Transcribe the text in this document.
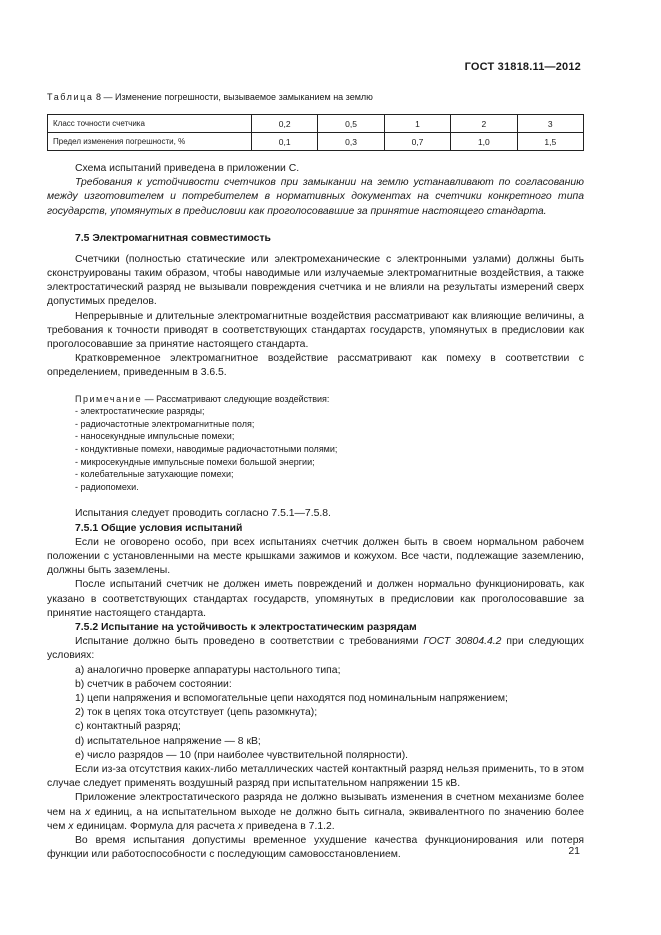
ГОСТ 31818.11—2012
Таблица 8 — Изменение погрешности, вызываемое замыканием на землю
Класс точности счетчика	0,2	0,5	1	2	3
Предел изменения погрешности, %	0,1	0,3	0,7	1,0	1,5

Схема испытаний приведена в приложении С.

Требования к устойчивости счетчиков при замыкании на землю устанавливают по согласованию между изготовителем и потребителем в нормативных документах на счетчики конкретного типа государств, упомянутых в предисловии как проголосовавшие за принятие настоящего стандарта.

7.5 Электромагнитная совместимость

Счетчики (полностью статические или электромеханические с электронными узлами) должны быть сконструированы таким образом, чтобы наводимые или излучаемые электромагнитные воздействия, а также электростатический разряд не вызывали повреждения счетчика и не влияли на результаты измерений сверх допустимых пределов.

Непрерывные и длительные электромагнитные воздействия рассматривают как влияющие величины, а требования к точности приводят в соответствующих стандартах государств, упомянутых в предисловии как проголосовавшие за принятие настоящего стандарта.

Кратковременное электромагнитное воздействие рассматривают как помеху в соответствии с определением, приведенным в 3.6.5.

Примечание — Рассматривают следующие воздействия:
- электростатические разряды;
- радиочастотные электромагнитные поля;
- наносекундные импульсные помехи;
- кондуктивные помехи, наводимые радиочастотными полями;
- микросекундные импульсные помехи большой энергии;
- колебательные затухающие помехи;
- радиопомехи.

Испытания следует проводить согласно 7.5.1—7.5.8.

7.5.1 Общие условия испытаний

Если не оговорено особо, при всех испытаниях счетчик должен быть в своем нормальном рабочем положении с установленными на месте крышками зажимов и кожухом. Все части, подлежащие заземлению, должны быть заземлены.

После испытаний счетчик не должен иметь повреждений и должен нормально функционировать, как указано в соответствующих стандартах государств, упомянутых в предисловии как проголосовавшие за принятие настоящего стандарта.

7.5.2 Испытание на устойчивость к электростатическим разрядам

Испытание должно быть проведено в соответствии с требованиями ГОСТ 30804.4.2 при следующих условиях:

а) аналогично проверке аппаратуры настольного типа;
b) счетчик в рабочем состоянии:
1) цепи напряжения и вспомогательные цепи находятся под номинальным напряжением;
2) ток в цепях тока отсутствует (цепь разомкнута);
c) контактный разряд;
d) испытательное напряжение — 8 кВ;
e) число разрядов — 10 (при наиболее чувствительной полярности).

Если из-за отсутствия каких-либо металлических частей контактный разряд нельзя применить, то в этом случае следует применять воздушный разряд при испытательном напряжении 15 кВ.

Приложение электростатического разряда не должно вызывать изменения в счетном механизме более чем на x единиц, а на испытательном выходе не должно быть сигнала, эквивалентного по значению более чем x единицам. Формула для расчета x приведена в 7.1.2.

Во время испытания допустимы временное ухудшение качества функционирования или потеря функции или работоспособности с последующим самовосстановлением.	21
